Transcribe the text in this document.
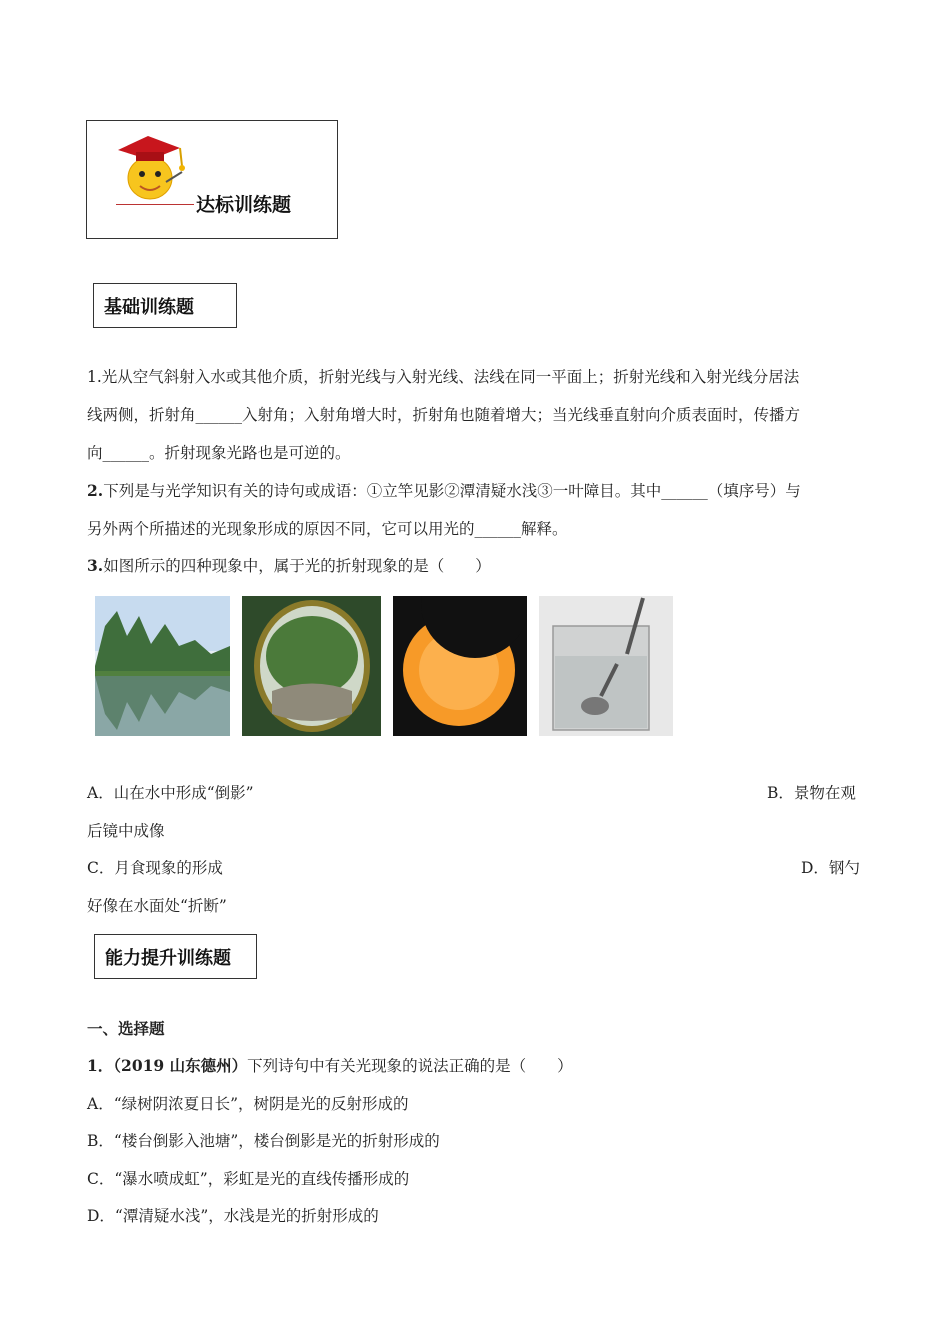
达标训练题
基础训练题
1.光从空气斜射入水或其他介质，折射光线与入射光线、法线在同一平面上；折射光线和入射光线分居法
线两侧，折射角______入射角；入射角增大时，折射角也随着增大；当光线垂直射向介质表面时，传播方
向______。折射现象光路也是可逆的。
2.下列是与光学知识有关的诗句或成语：①立竿见影②潭清疑水浅③一叶障目。其中______（填序号）与
另外两个所描述的光现象形成的原因不同，它可以用光的______解释。
3.如图所示的四种现象中，属于光的折射现象的是（　　）
A．山在水中形成“倒影”	B．景物在观
后镜中成像
C．月食现象的形成	D．钢勺
好像在水面处“折断”
能力提升训练题
一、选择题
1．（2019 山东德州）下列诗句中有关光现象的说法正确的是（　　）
A．“绿树阴浓夏日长”，树阴是光的反射形成的
B．“楼台倒影入池塘”，楼台倒影是光的折射形成的
C．“瀑水喷成虹”，彩虹是光的直线传播形成的
D．“潭清疑水浅”，水浅是光的折射形成的
